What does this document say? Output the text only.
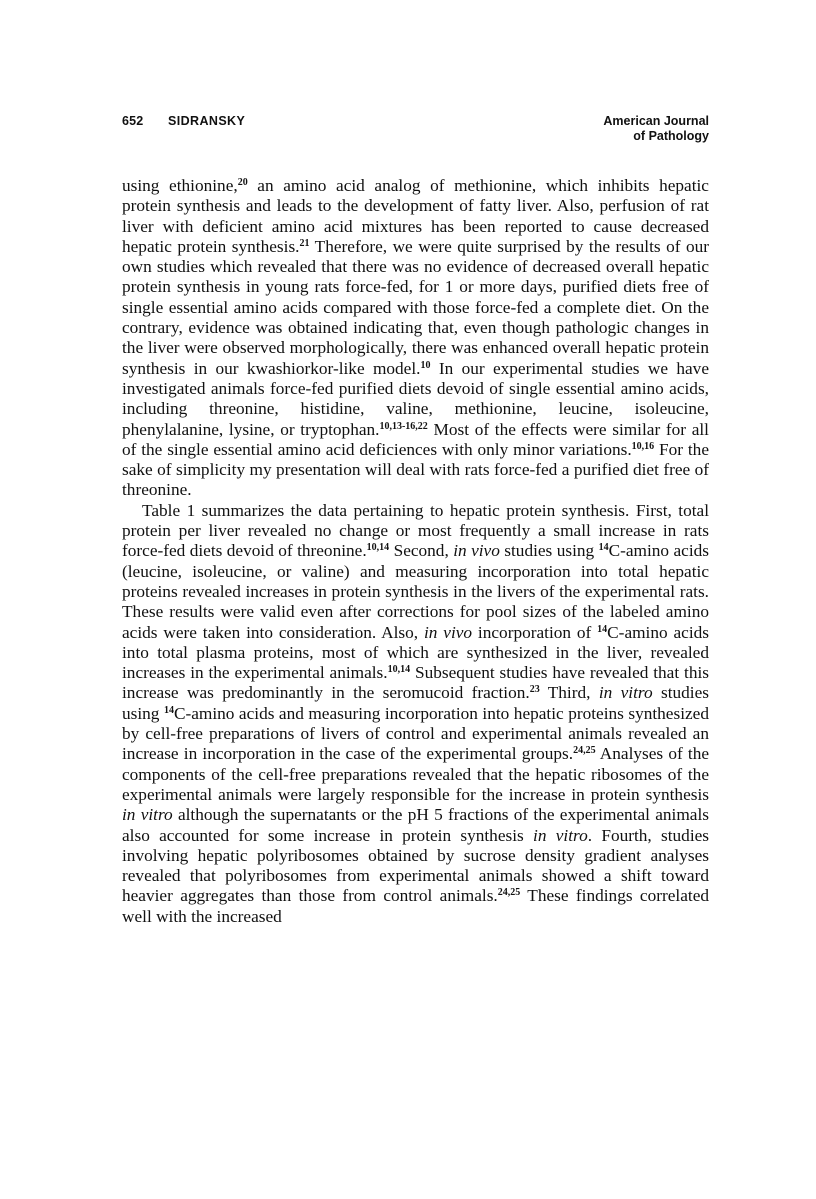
652 SIDRANSKY	American Journal
of Pathology

using ethionine,$^{20}$ an amino acid analog of methionine, which inhibits hepatic protein synthesis and leads to the development of fatty liver. Also, perfusion of rat liver with deficient amino acid mixtures has been reported to cause decreased hepatic protein synthesis.$^{21}$ Therefore, we were quite surprised by the results of our own studies which revealed that there was no evidence of decreased overall hepatic protein synthesis in young rats force-fed, for 1 or more days, purified diets free of single essential amino acids compared with those force-fed a complete diet. On the contrary, evidence was obtained indicating that, even though pathologic changes in the liver were observed morphologically, there was enhanced overall hepatic protein synthesis in our kwashiorkor-like model.$^{10}$ In our experimental studies we have investigated animals force-fed purified diets devoid of single essential amino acids, including threonine, histidine, valine, methionine, leucine, isoleucine, phenylalanine, lysine, or tryptophan.$^{10,13-16,22}$ Most of the effects were similar for all of the single essential amino acid deficiences with only minor variations.$^{10,16}$ For the sake of simplicity my presentation will deal with rats force-fed a purified diet free of threonine.

Table 1 summarizes the data pertaining to hepatic protein synthesis. First, total protein per liver revealed no change or most frequently a small increase in rats force-fed diets devoid of threonine.$^{10,14}$ Second, in vivo studies using $^{14}$C-amino acids (leucine, isoleucine, or valine) and measuring incorporation into total hepatic proteins revealed increases in protein synthesis in the livers of the experimental rats. These results were valid even after corrections for pool sizes of the labeled amino acids were taken into consideration. Also, in vivo incorporation of $^{14}$C-amino acids into total plasma proteins, most of which are synthesized in the liver, revealed increases in the experimental animals.$^{10,14}$ Subsequent studies have revealed that this increase was predominantly in the seromucoid fraction.$^{23}$ Third, in vitro studies using $^{14}$C-amino acids and measuring incorporation into hepatic proteins synthesized by cell-free preparations of livers of control and experimental animals revealed an increase in incorporation in the case of the experimental groups.$^{24,25}$ Analyses of the components of the cell-free preparations revealed that the hepatic ribosomes of the experimental animals were largely responsible for the increase in protein synthesis in vitro although the supernatants or the pH 5 fractions of the experimental animals also accounted for some increase in protein synthesis in vitro. Fourth, studies involving hepatic polyribosomes obtained by sucrose density gradient analyses revealed that polyribosomes from experimental animals showed a shift toward heavier aggregates than those from control animals.$^{24,25}$ These findings correlated well with the increased
